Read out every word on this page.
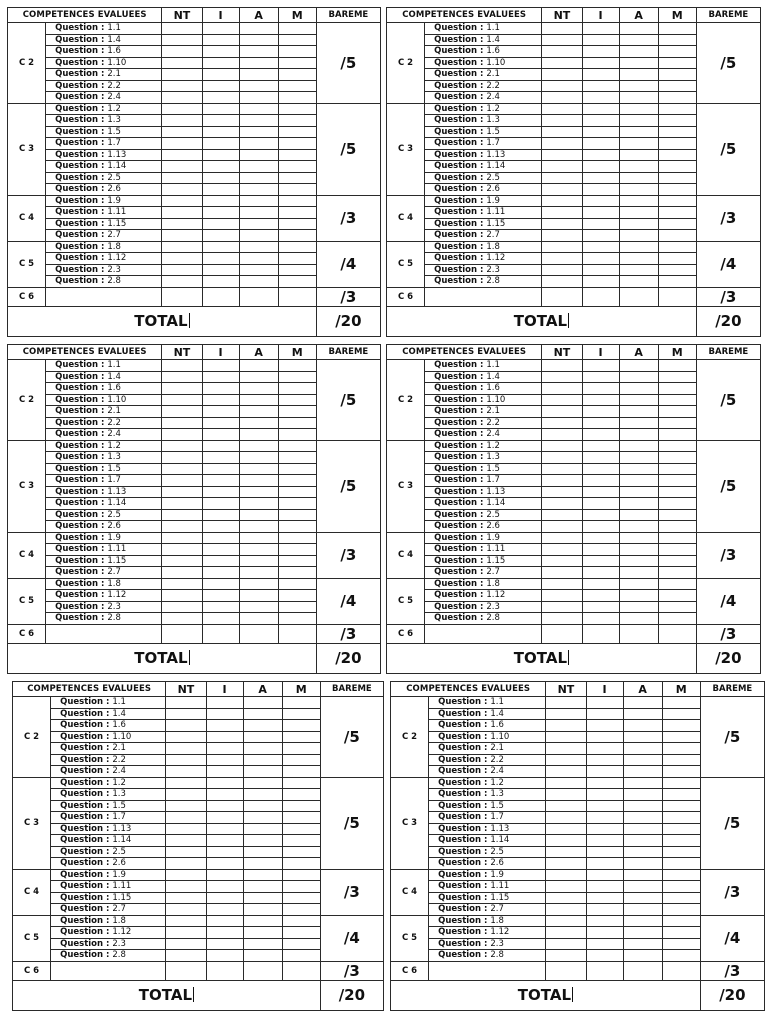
COMPETENCES EVALUEES		NT	I	A	M	BAREME
C 2	Question : 1.1					/5
	Question : 1.4					
	Question : 1.6					
	Question : 1.10					
	Question : 2.1					
	Question : 2.2					
	Question : 2.4					
C 3	Question : 1.2					/5
	Question : 1.3					
	Question : 1.5					
	Question : 1.7					
	Question : 1.13					
	Question : 1.14					
	Question : 2.5					
	Question : 2.6					
C 4	Question : 1.9					/3
	Question : 1.11					
	Question : 1.15					
	Question : 2.7					
C 5	Question : 1.8					/4
	Question : 1.12					
	Question : 2.3					
	Question : 2.8					
C 6						/3
TOTAL						/20
COMPETENCES EVALUEES		NT	I	A	M	BAREME
C 2	Question : 1.1					/5
	Question : 1.4					
	Question : 1.6					
	Question : 1.10					
	Question : 2.1					
	Question : 2.2					
	Question : 2.4					
C 3	Question : 1.2					/5
	Question : 1.3					
	Question : 1.5					
	Question : 1.7					
	Question : 1.13					
	Question : 1.14					
	Question : 2.5					
	Question : 2.6					
C 4	Question : 1.9					/3
	Question : 1.11					
	Question : 1.15					
	Question : 2.7					
C 5	Question : 1.8					/4
	Question : 1.12					
	Question : 2.3					
	Question : 2.8					
C 6						/3
TOTAL						/20
COMPETENCES EVALUEES		NT	I	A	M	BAREME
C 2	Question : 1.1					/5
	Question : 1.4					
	Question : 1.6					
	Question : 1.10					
	Question : 2.1					
	Question : 2.2					
	Question : 2.4					
C 3	Question : 1.2					/5
	Question : 1.3					
	Question : 1.5					
	Question : 1.7					
	Question : 1.13					
	Question : 1.14					
	Question : 2.5					
	Question : 2.6					
C 4	Question : 1.9					/3
	Question : 1.11					
	Question : 1.15					
	Question : 2.7					
C 5	Question : 1.8					/4
	Question : 1.12					
	Question : 2.3					
	Question : 2.8					
C 6						/3
TOTAL						/20
COMPETENCES EVALUEES		NT	I	A	M	BAREME
C 2	Question : 1.1					/5
	Question : 1.4					
	Question : 1.6					
	Question : 1.10					
	Question : 2.1					
	Question : 2.2					
	Question : 2.4					
C 3	Question : 1.2					/5
	Question : 1.3					
	Question : 1.5					
	Question : 1.7					
	Question : 1.13					
	Question : 1.14					
	Question : 2.5					
	Question : 2.6					
C 4	Question : 1.9					/3
	Question : 1.11					
	Question : 1.15					
	Question : 2.7					
C 5	Question : 1.8					/4
	Question : 1.12					
	Question : 2.3					
	Question : 2.8					
C 6						/3
TOTAL						/20
COMPETENCES EVALUEES		NT	I	A	M	BAREME
C 2	Question : 1.1					/5
	Question : 1.4					
	Question : 1.6					
	Question : 1.10					
	Question : 2.1					
	Question : 2.2					
	Question : 2.4					
C 3	Question : 1.2					/5
	Question : 1.3					
	Question : 1.5					
	Question : 1.7					
	Question : 1.13					
	Question : 1.14					
	Question : 2.5					
	Question : 2.6					
C 4	Question : 1.9					/3
	Question : 1.11					
	Question : 1.15					
	Question : 2.7					
C 5	Question : 1.8					/4
	Question : 1.12					
	Question : 2.3					
	Question : 2.8					
C 6						/3
TOTAL						/20
COMPETENCES EVALUEES		NT	I	A	M	BAREME
C 2	Question : 1.1					/5
	Question : 1.4					
	Question : 1.6					
	Question : 1.10					
	Question : 2.1					
	Question : 2.2					
	Question : 2.4					
C 3	Question : 1.2					/5
	Question : 1.3					
	Question : 1.5					
	Question : 1.7					
	Question : 1.13					
	Question : 1.14					
	Question : 2.5					
	Question : 2.6					
C 4	Question : 1.9					/3
	Question : 1.11					
	Question : 1.15					
	Question : 2.7					
C 5	Question : 1.8					/4
	Question : 1.12					
	Question : 2.3					
	Question : 2.8					
C 6						/3
TOTAL						/20
